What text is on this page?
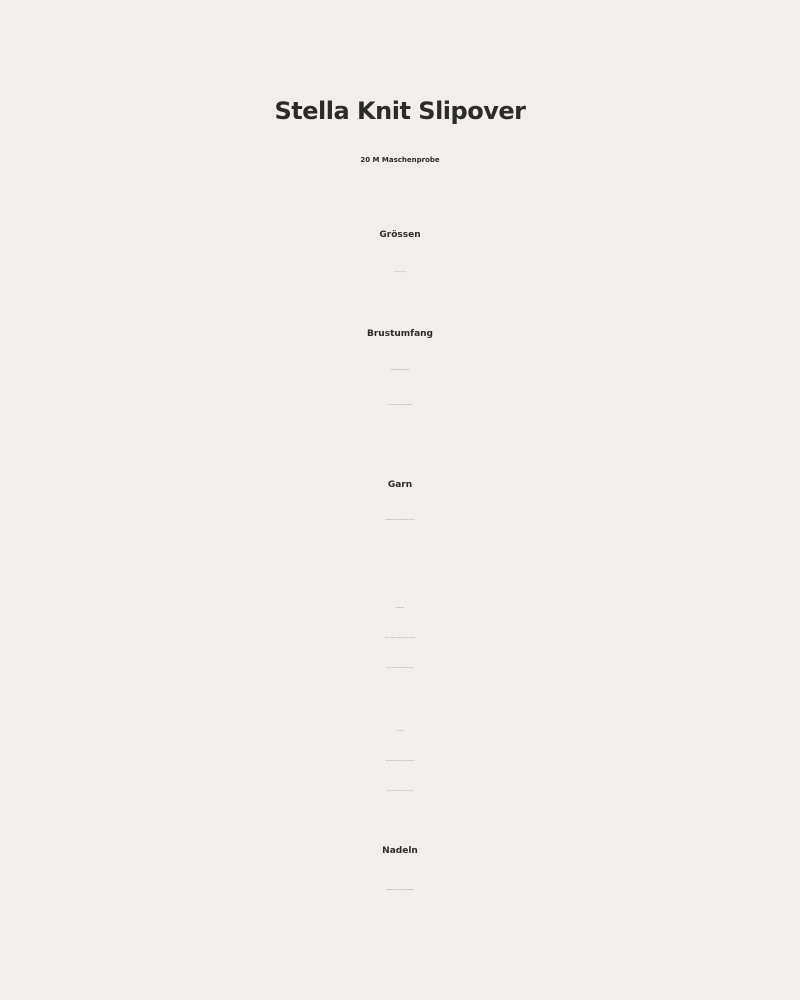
Stella Knit Slipover
20 M Maschenprobe
Grössen
1 (2, 3, 4, 5) (6, 7, 8, 9)
Brustumfang
Mehrweite (positive ease) bis zu 25cm
80 (90, 100, 110, 120) (130, 140, 150, 160) cm
Garn
Doppelstrickgarn (DK) oder Lace-Garn doppelt in 2 Farben
Normale Länge
Farbe 1: 495 (560, 640, 730, 805) (875, 960, 1045, 1115) m
Farbe 2: 70 (80, 80, 100, 120) (160, 180, 200, 220) m
Kurze Länge
Color 1: 381 (432, 492, 555, 619) (693, 754, 803, 877) m
Color 2: 54 (62, 62, 76, 93) (126, 141, 157, 178) m
Nadeln
Rundstricknadeln: 4 mm & 3.5 mm für die Bündchen
